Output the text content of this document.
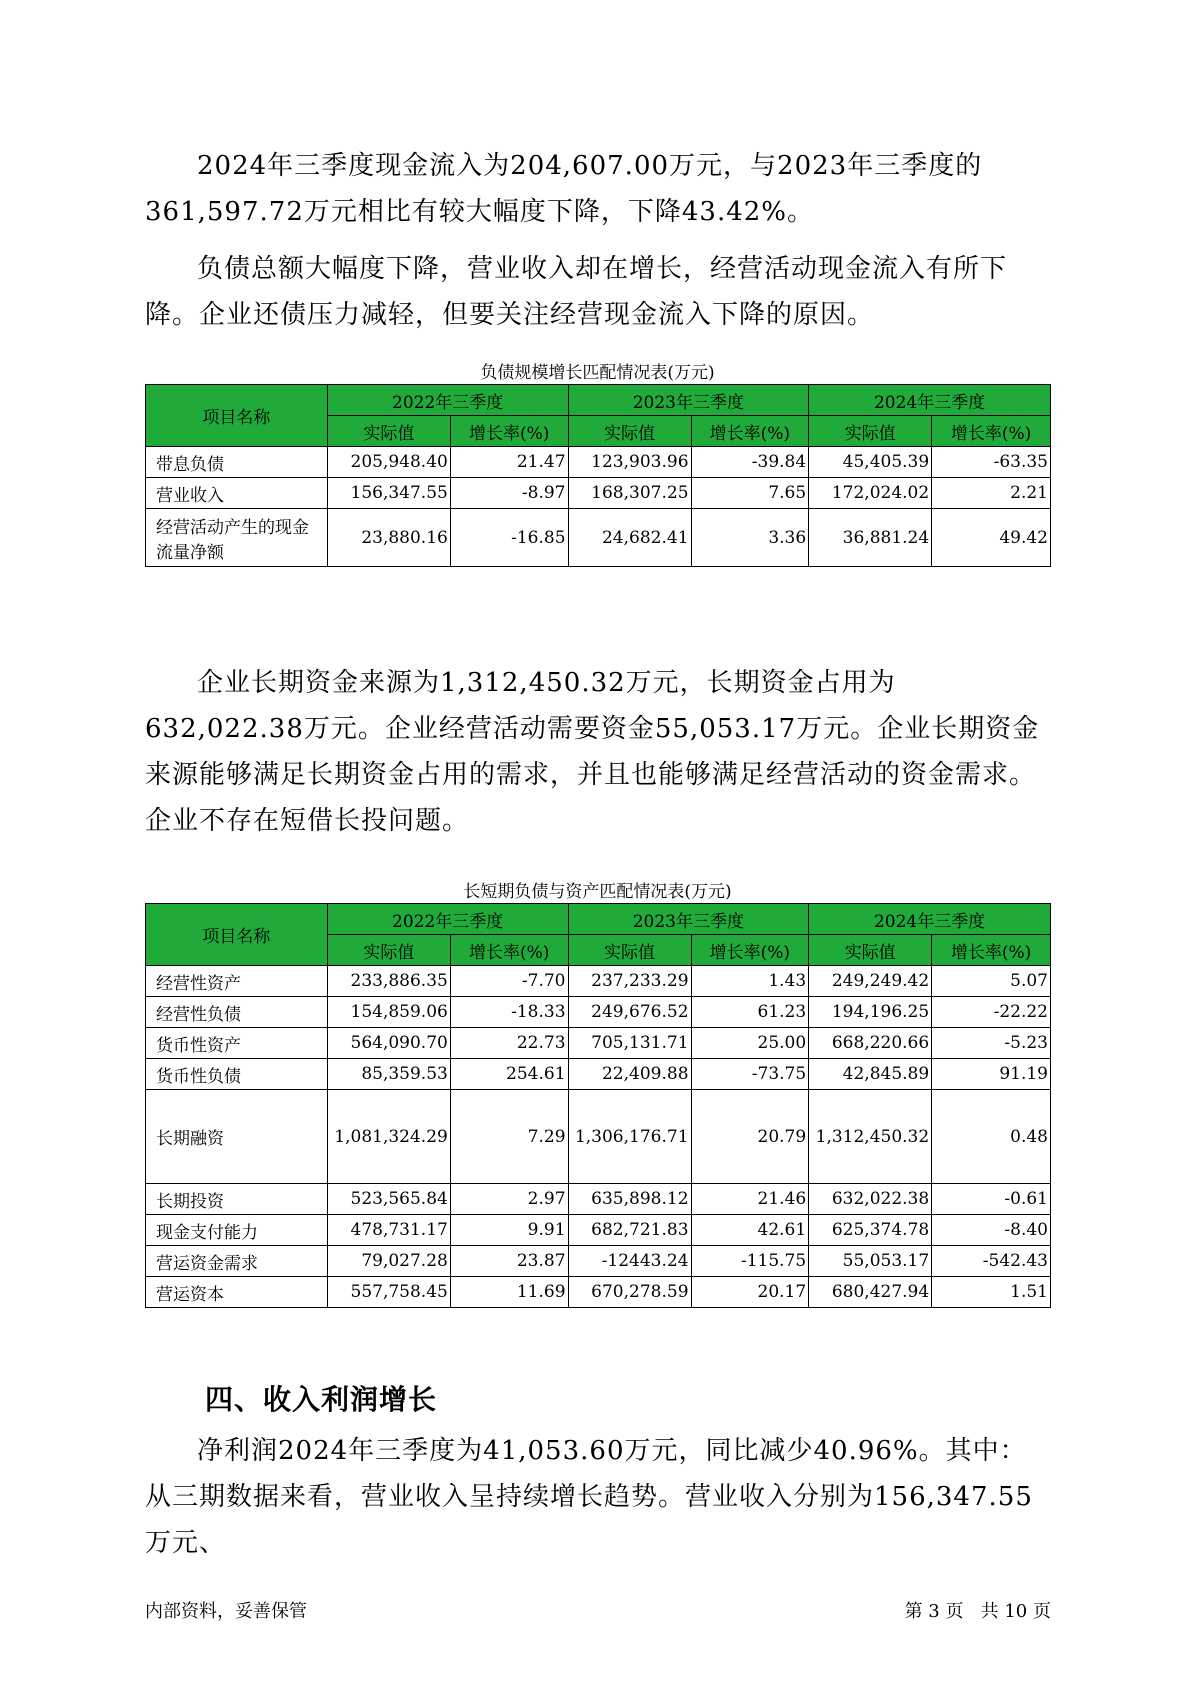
2024年三季度现金流入为204,607.00万元，与2023年三季度的361,597.72万元相比有较大幅度下降，下降43.42%。

负债总额大幅度下降，营业收入却在增长，经营活动现金流入有所下降。企业还债压力减轻，但要关注经营现金流入下降的原因。

负债规模增长匹配情况表(万元)

项目名称	2022年三季度		2023年三季度		2024年三季度	
	实际值	增长率(%)	实际值	增长率(%)	实际值	增长率(%)
带息负债	205,948.40	21.47	123,903.96	-39.84	45,405.39	-63.35
营业收入	156,347.55	-8.97	168,307.25	7.65	172,024.02	2.21
经营活动产生的现金流量净额	23,880.16	-16.85	24,682.41	3.36	36,881.24	49.42

企业长期资金来源为1,312,450.32万元，长期资金占用为632,022.38万元。企业经营活动需要资金55,053.17万元。企业长期资金来源能够满足长期资金占用的需求，并且也能够满足经营活动的资金需求。企业不存在短借长投问题。

长短期负债与资产匹配情况表(万元)

项目名称	2022年三季度		2023年三季度		2024年三季度	
	实际值	增长率(%)	实际值	增长率(%)	实际值	增长率(%)
经营性资产	233,886.35	-7.70	237,233.29	1.43	249,249.42	5.07
经营性负债	154,859.06	-18.33	249,676.52	61.23	194,196.25	-22.22
货币性资产	564,090.70	22.73	705,131.71	25.00	668,220.66	-5.23
货币性负债	85,359.53	254.61	22,409.88	-73.75	42,845.89	91.19
长期融资	1,081,324.29	7.29	1,306,176.71	20.79	1,312,450.32	0.48
长期投资	523,565.84	2.97	635,898.12	21.46	632,022.38	-0.61
现金支付能力	478,731.17	9.91	682,721.83	42.61	625,374.78	-8.40
营运资金需求	79,027.28	23.87	-12443.24	-115.75	55,053.17	-542.43
营运资本	557,758.45	11.69	670,278.59	20.17	680,427.94	1.51
四、收入利润增长

净利润2024年三季度为41,053.60万元，同比减少40.96%。其中：从三期数据来看，营业收入呈持续增长趋势。营业收入分别为156,347.55万元、

内部资料，妥善保管	第 3 页   共 10 页
